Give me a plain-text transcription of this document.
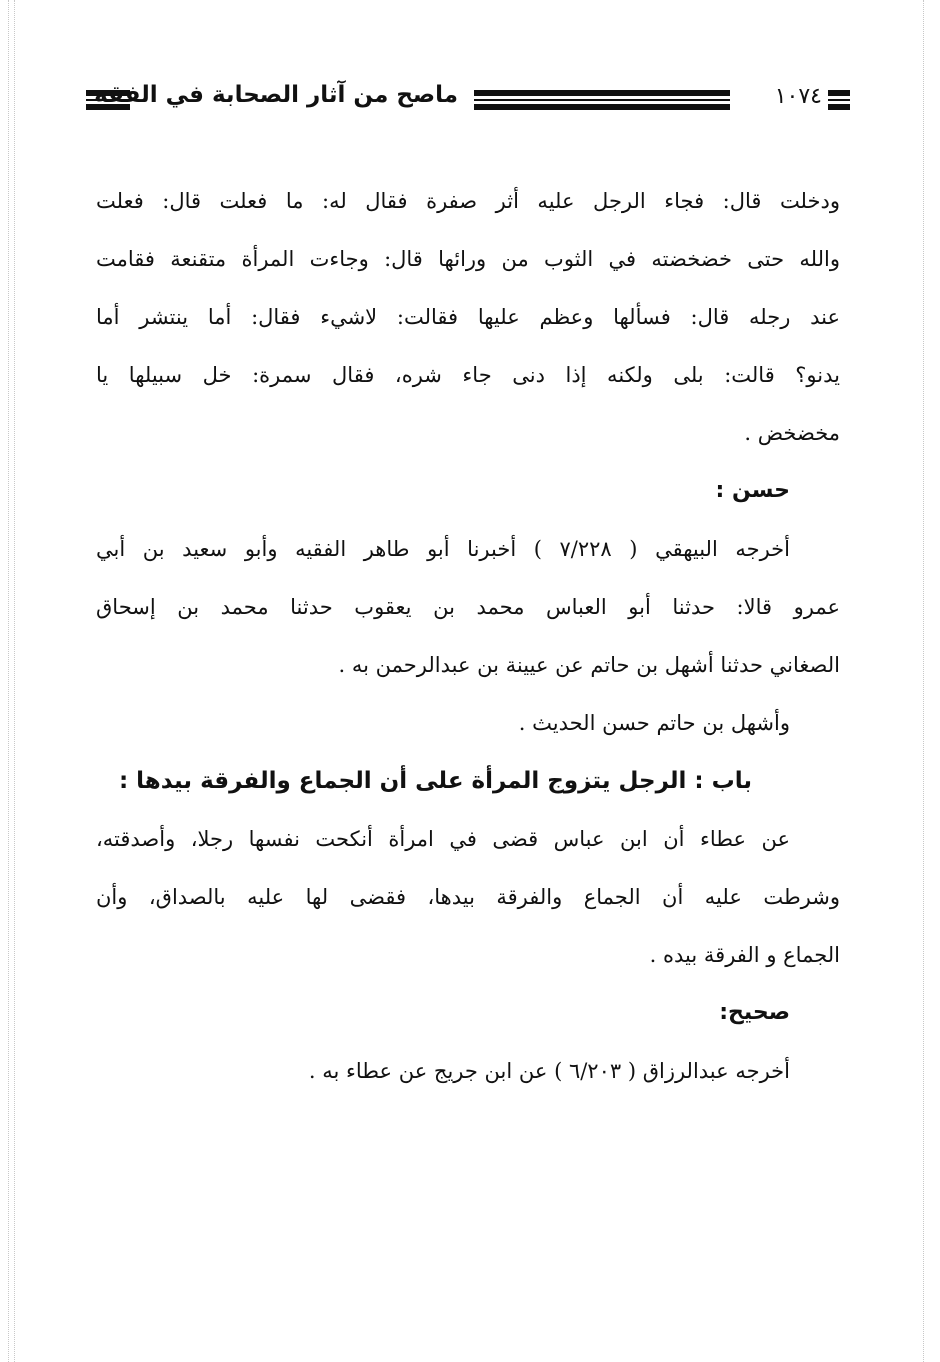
ماصح من آثار الصحابة في الفقه	١٠٧٤

ودخلت قال: فجاء الرجل عليه أثر صفرة فقال له: ما فعلت قال: فعلت
والله حتى خضخضته في الثوب من ورائها قال: وجاءت المرأة متقنعة فقامت
عند رجله قال: فسألها وعظم عليها فقالت: لاشيء فقال: أما ينتشر أما
يدنو؟ قالت: بلى ولكنه إذا دنى جاء شره، فقال سمرة: خل سبيلها يا
مخضخض .

حسن :

أخرجه البيهقي ( ٧/٢٢٨ ) أخبرنا أبو طاهر الفقيه وأبو سعيد بن أبي

عمرو قالا: حدثنا أبو العباس محمد بن يعقوب حدثنا محمد بن إسحاق
الصغاني حدثنا أشهل بن حاتم عن عيينة بن عبدالرحمن به .

وأشهل بن حاتم حسن الحديث .

باب : الرجل يتزوج المرأة على أن الجماع والفرقة بيدها :

عن عطاء أن ابن عباس قضى في امرأة أنكحت نفسها رجلا، وأصدقته،

وشرطت عليه أن الجماع والفرقة بيدها، فقضى لها عليه بالصداق، وأن
الجماع و الفرقة بيده .

صحيح:

أخرجه عبدالرزاق ( ٦/٢٠٣ ) عن ابن جريج عن عطاء به .
